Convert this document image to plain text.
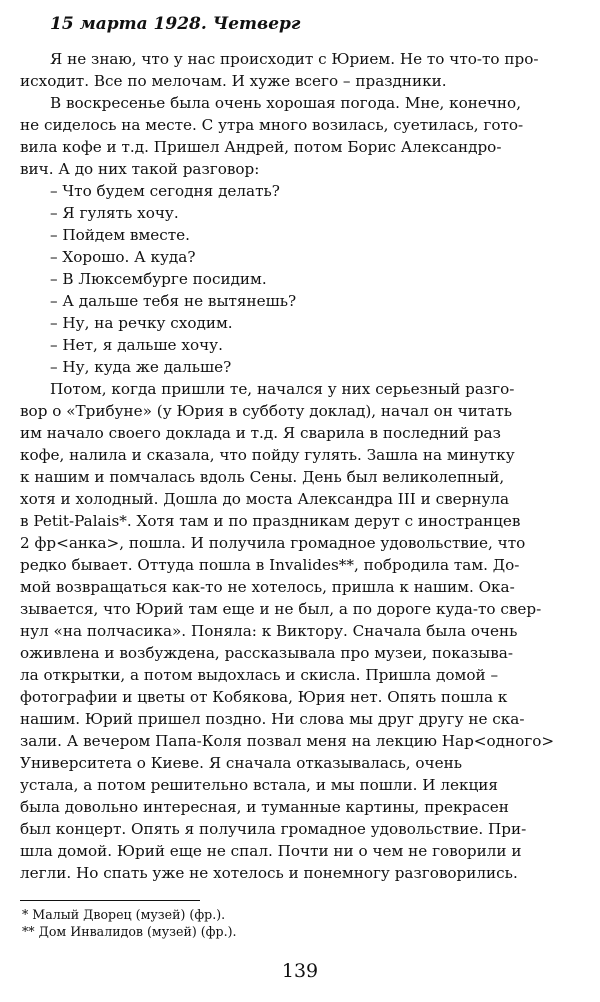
15 марта 1928. Четверг
Я не знаю, что у нас происходит с Юрием. Не то что-то про-
исходит. Все по мелочам. И хуже всего – праздники.
В воскресенье была очень хорошая погода. Мне, конечно,
не сиделось на месте. С утра много возилась, суетилась, гото-
вила кофе и т.д. Пришел Андрей, потом Борис Александро-
вич. А до них такой разговор:
– Что будем сегодня делать?
– Я гулять хочу.
– Пойдем вместе.
– Хорошо. А куда?
– В Люксембурге посидим.
– А дальше тебя не вытянешь?
– Ну, на речку сходим.
– Нет, я дальше хочу.
– Ну, куда же дальше?
Потом, когда пришли те, начался у них серьезный разго-
вор о «Трибуне» (у Юрия в субботу доклад), начал он читать
им начало своего доклада и т.д. Я сварила в последний раз
кофе, налила и сказала, что пойду гулять. Зашла на минутку
к нашим и помчалась вдоль Сены. День был великолепный,
хотя и холодный. Дошла до моста Александра III и свернула
в Petit-Palais*. Хотя там и по праздникам дерут с иностранцев
2 фр<анка>, пошла. И получила громадное удовольствие, что
редко бывает. Оттуда пошла в Invalides**, побродила там. До-
мой возвращаться как-то не хотелось, пришла к нашим. Ока-
зывается, что Юрий там еще и не был, а по дороге куда-то свер-
нул «на полчасика». Поняла: к Виктору. Сначала была очень
оживлена и возбуждена, рассказывала про музеи, показыва-
ла открытки, а потом выдохлась и скисла. Пришла домой –
фотографии и цветы от Кобякова, Юрия нет. Опять пошла к
нашим. Юрий пришел поздно. Ни слова мы друг другу не ска-
зали. А вечером Папа-Коля позвал меня на лекцию Нар<одного>
Университета о Киеве. Я сначала отказывалась, очень
устала, а потом решительно встала, и мы пошли. И лекция
была довольно интересная, и туманные картины, прекрасен
был концерт. Опять я получила громадное удовольствие. При-
шла домой. Юрий еще не спал. Почти ни о чем не говорили и
легли. Но спать уже не хотелось и понемногу разговорились.
* Малый Дворец (музей) (фр.).
** Дом Инвалидов (музей) (фр.).
139
